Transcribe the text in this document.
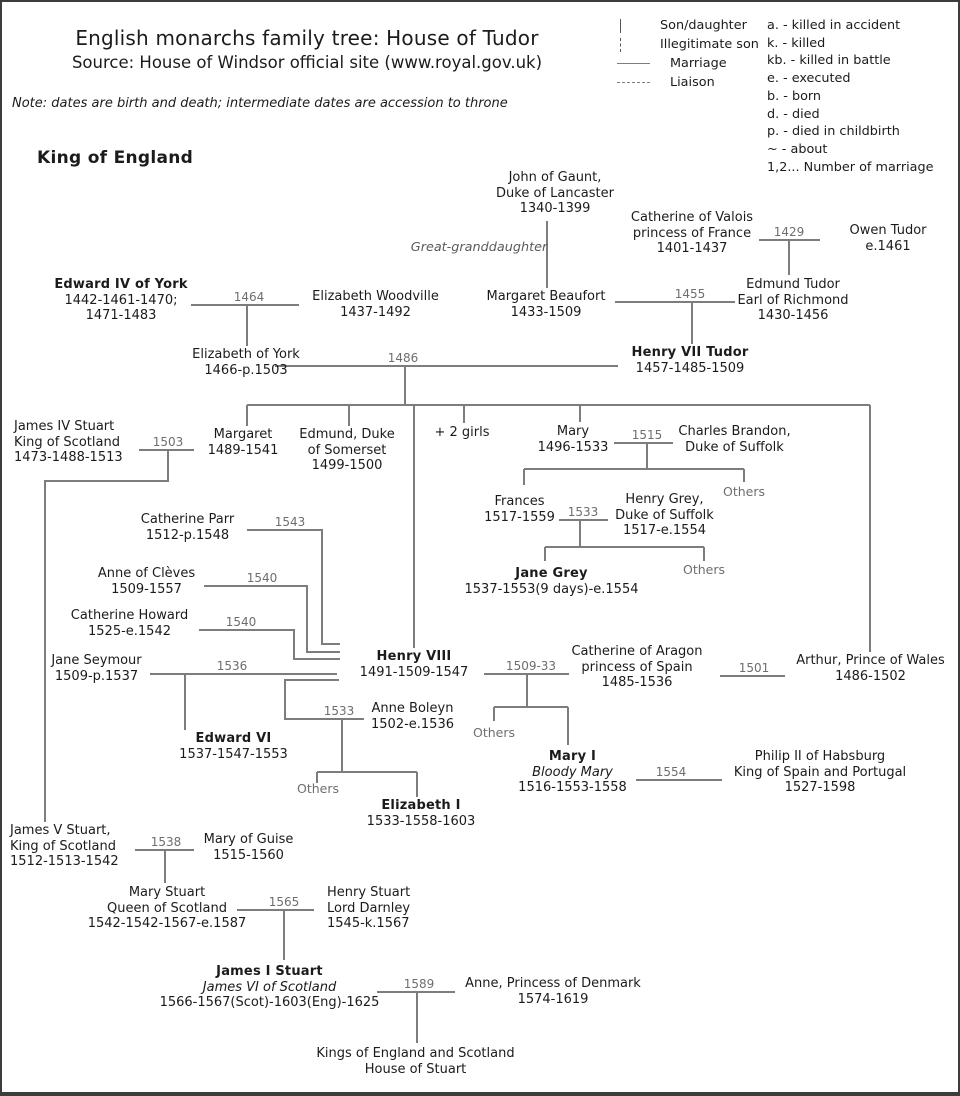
English monarchs family tree: House of Tudor
Source: House of Windsor official site (www.royal.gov.uk)
Note: dates are birth and death; intermediate dates are accession to throne
King of England
Son/daughter
Illegitimate son
Marriage
Liaison
a. - killed in accident
k. - killed
kb. - killed in battle
e. - executed
b. - born
d. - died
p. - died in childbirth
~ - about
1,2... Number of marriage
John of Gaunt,
Duke of Lancaster
1340-1399
Great-granddaughter
Catherine of Valois
princess of France
1401-1437
Owen Tudor
e.1461
Edmund Tudor
Earl of Richmond
1430-1456
Margaret Beaufort
1433-1509
Edward IV of York
1442-1461-1470;
1471-1483
Elizabeth Woodville
1437-1492
Elizabeth of York
1466-p.1503
Henry VII Tudor
1457-1485-1509
James IV Stuart
King of Scotland
1473-1488-1513
Margaret
1489-1541
Edmund, Duke
of Somerset
1499-1500
+ 2 girls	Mary
1496-1533
Charles Brandon,
Duke of Suffolk
Frances
1517-1559
Henry Grey,
Duke of Suffolk
1517-e.1554
Jane Grey
1537-1553(9 days)-e.1554
Catherine Parr
1512-p.1548
Anne of Clèves
1509-1557
Catherine Howard
1525-e.1542
Jane Seymour
1509-p.1537
Henry VIII
1491-1509-1547
Anne Boleyn
1502-e.1536
Edward VI
1537-1547-1553
Elizabeth I
1533-1558-1603
Catherine of Aragon
princess of Spain
1485-1536
Arthur, Prince of Wales
1486-1502
Mary I
Bloody Mary
1516-1553-1558
Philip II of Habsburg
King of Spain and Portugal
1527-1598
James V Stuart,
King of Scotland
1512-1513-1542
Mary of Guise
1515-1560
Mary Stuart
Queen of Scotland
1542-1542-1567-e.1587
Henry Stuart
Lord Darnley
1545-k.1567
James I Stuart
James VI of Scotland
1566-1567(Scot)-1603(Eng)-1625
Anne, Princess of Denmark
1574-1619
Kings of England and Scotland
House of Stuart
1429
1455
1464
1486
1503	1515
1533
1543
1540
1540
1536
1533
1509-33	1501
1554
1538
1565
1589
Others
Others
Others
Others
